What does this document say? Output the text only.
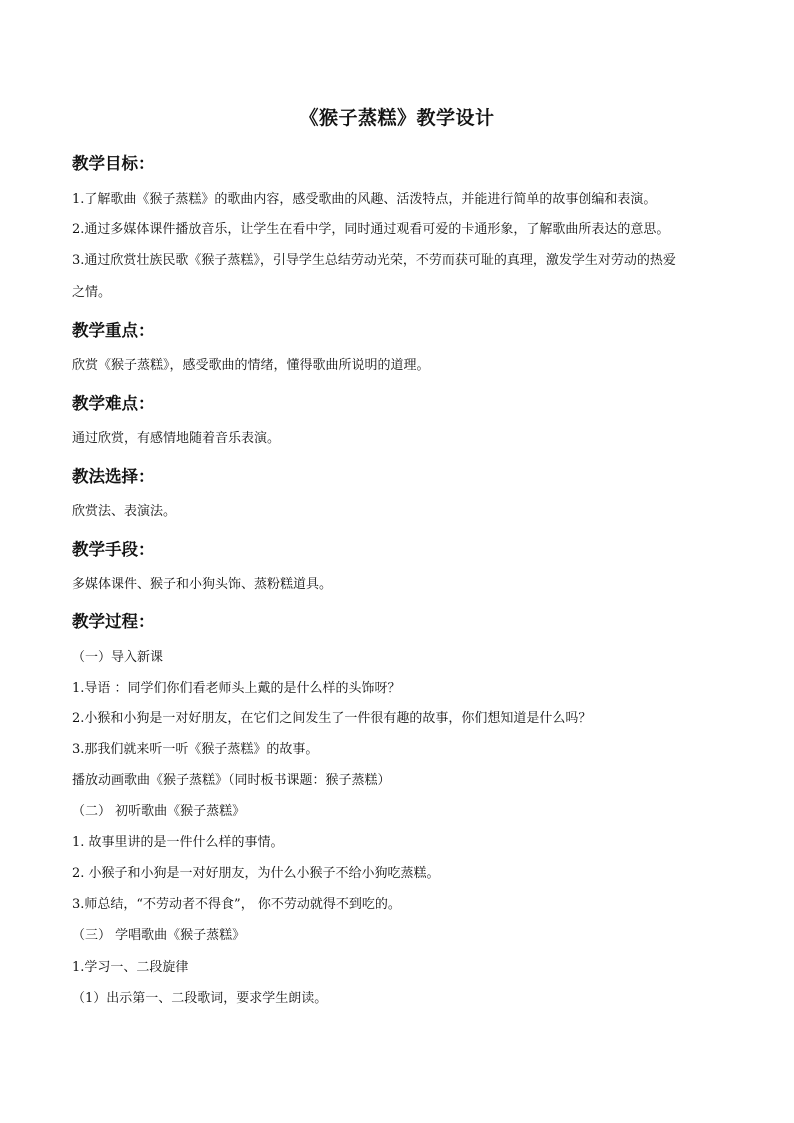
《猴子蒸糕》教学设计
教学目标：
1.了解歌曲《猴子蒸糕》的歌曲内容，感受歌曲的风趣、活泼特点，并能进行简单的故事创编和表演。
2.通过多媒体课件播放音乐，让学生在看中学，同时通过观看可爱的卡通形象，了解歌曲所表达的意思。
3.通过欣赏壮族民歌《猴子蒸糕》，引导学生总结劳动光荣，不劳而获可耻的真理，激发学生对劳动的热爱
之情。
教学重点：
欣赏《猴子蒸糕》，感受歌曲的情绪，懂得歌曲所说明的道理。
教学难点：
通过欣赏，有感情地随着音乐表演。
教法选择：
欣赏法、表演法。
教学手段：
多媒体课件、猴子和小狗头饰、蒸粉糕道具。
教学过程：
（一）导入新课
1.导语 ：同学们你们看老师头上戴的是什么样的头饰呀？
2.小猴和小狗是一对好朋友，在它们之间发生了一件很有趣的故事，你们想知道是什么吗？
3.那我们就来听一听《猴子蒸糕》的故事。
播放动画歌曲《猴子蒸糕》（同时板书课题：猴子蒸糕）
（二） 初听歌曲《猴子蒸糕》
1. 故事里讲的是一件什么样的事情。
2. 小猴子和小狗是一对好朋友，为什么小猴子不给小狗吃蒸糕。
3.师总结，“不劳动者不得食”， 你不劳动就得不到吃的。
（三） 学唱歌曲《猴子蒸糕》
1.学习一、二段旋律
（1）出示第一、二段歌词，要求学生朗读。
